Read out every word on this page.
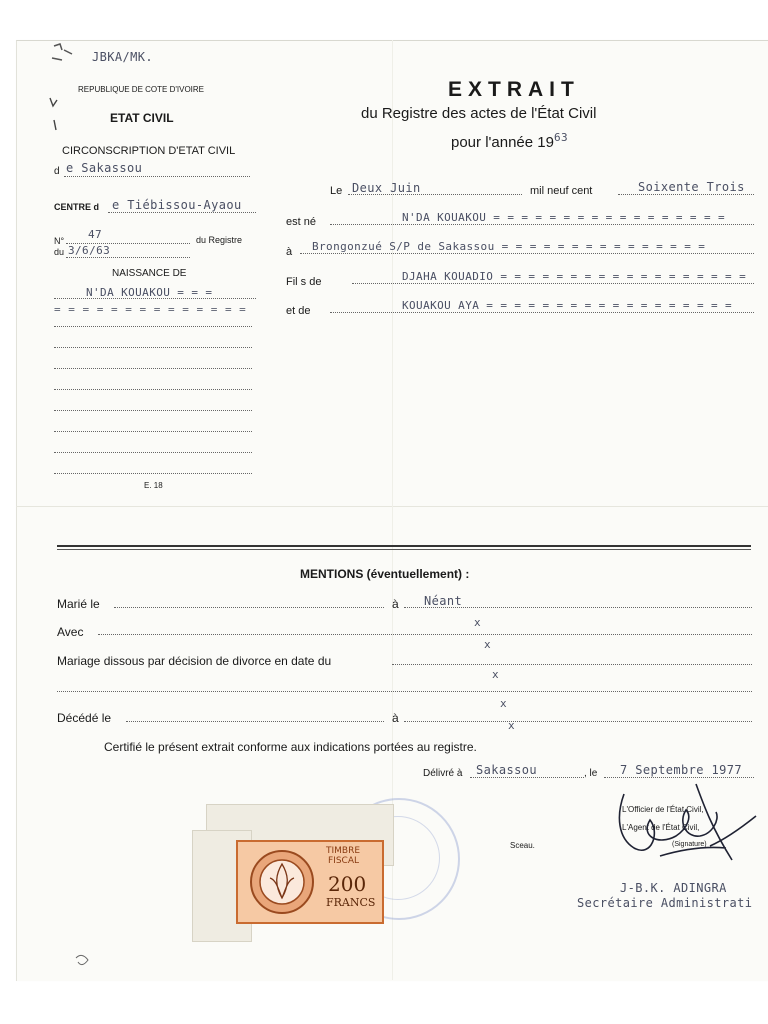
JBKA/MK.
REPUBLIQUE DE COTE D'IVOIRE
ETAT CIVIL
CIRCONSCRIPTION D'ETAT CIVIL
d e Sakassou
CENTRE d e Tiébissou-Ayaou
47
N°	du Registre
du 3/6/63
NAISSANCE DE
N'DA KOUAKOU = = =
= = = = = = = = = = = = = =
E. 18
EXTRAIT
du Registre des actes de l'État Civil
pour l'année $19^{63}$
Le Deux Juin	mil neuf cent	Soixente Trois
est né	N'DA KOUAKOU = = = = = = = = = = = = = = = = =
à Brongonzué S/P de Sakassou = = = = = = = = = = = = = = =
Fil s de	DJAHA KOUADIO = = = = = = = = = = = = = = = = = =
et de	KOUAKOU AYA = = = = = = = = = = = = = = = = = =
MENTIONS (éventuellement) :
Marié le	à Néant
Avec
x
x
Mariage dissous par décision de divorce en date du
x
x
Décédé le	à
x
Certifié le présent extrait conforme aux indications portées au registre.
Délivré à Sakassou	, le 7 Septembre 1977
L'Officier de l'État Civil,
L'Agent de l'État Civil,
(Signature)
Sceau.
J-B.K. ADINGRA
Secrétaire Administrati
TIMBRE
FISCAL
200
FRANCS
